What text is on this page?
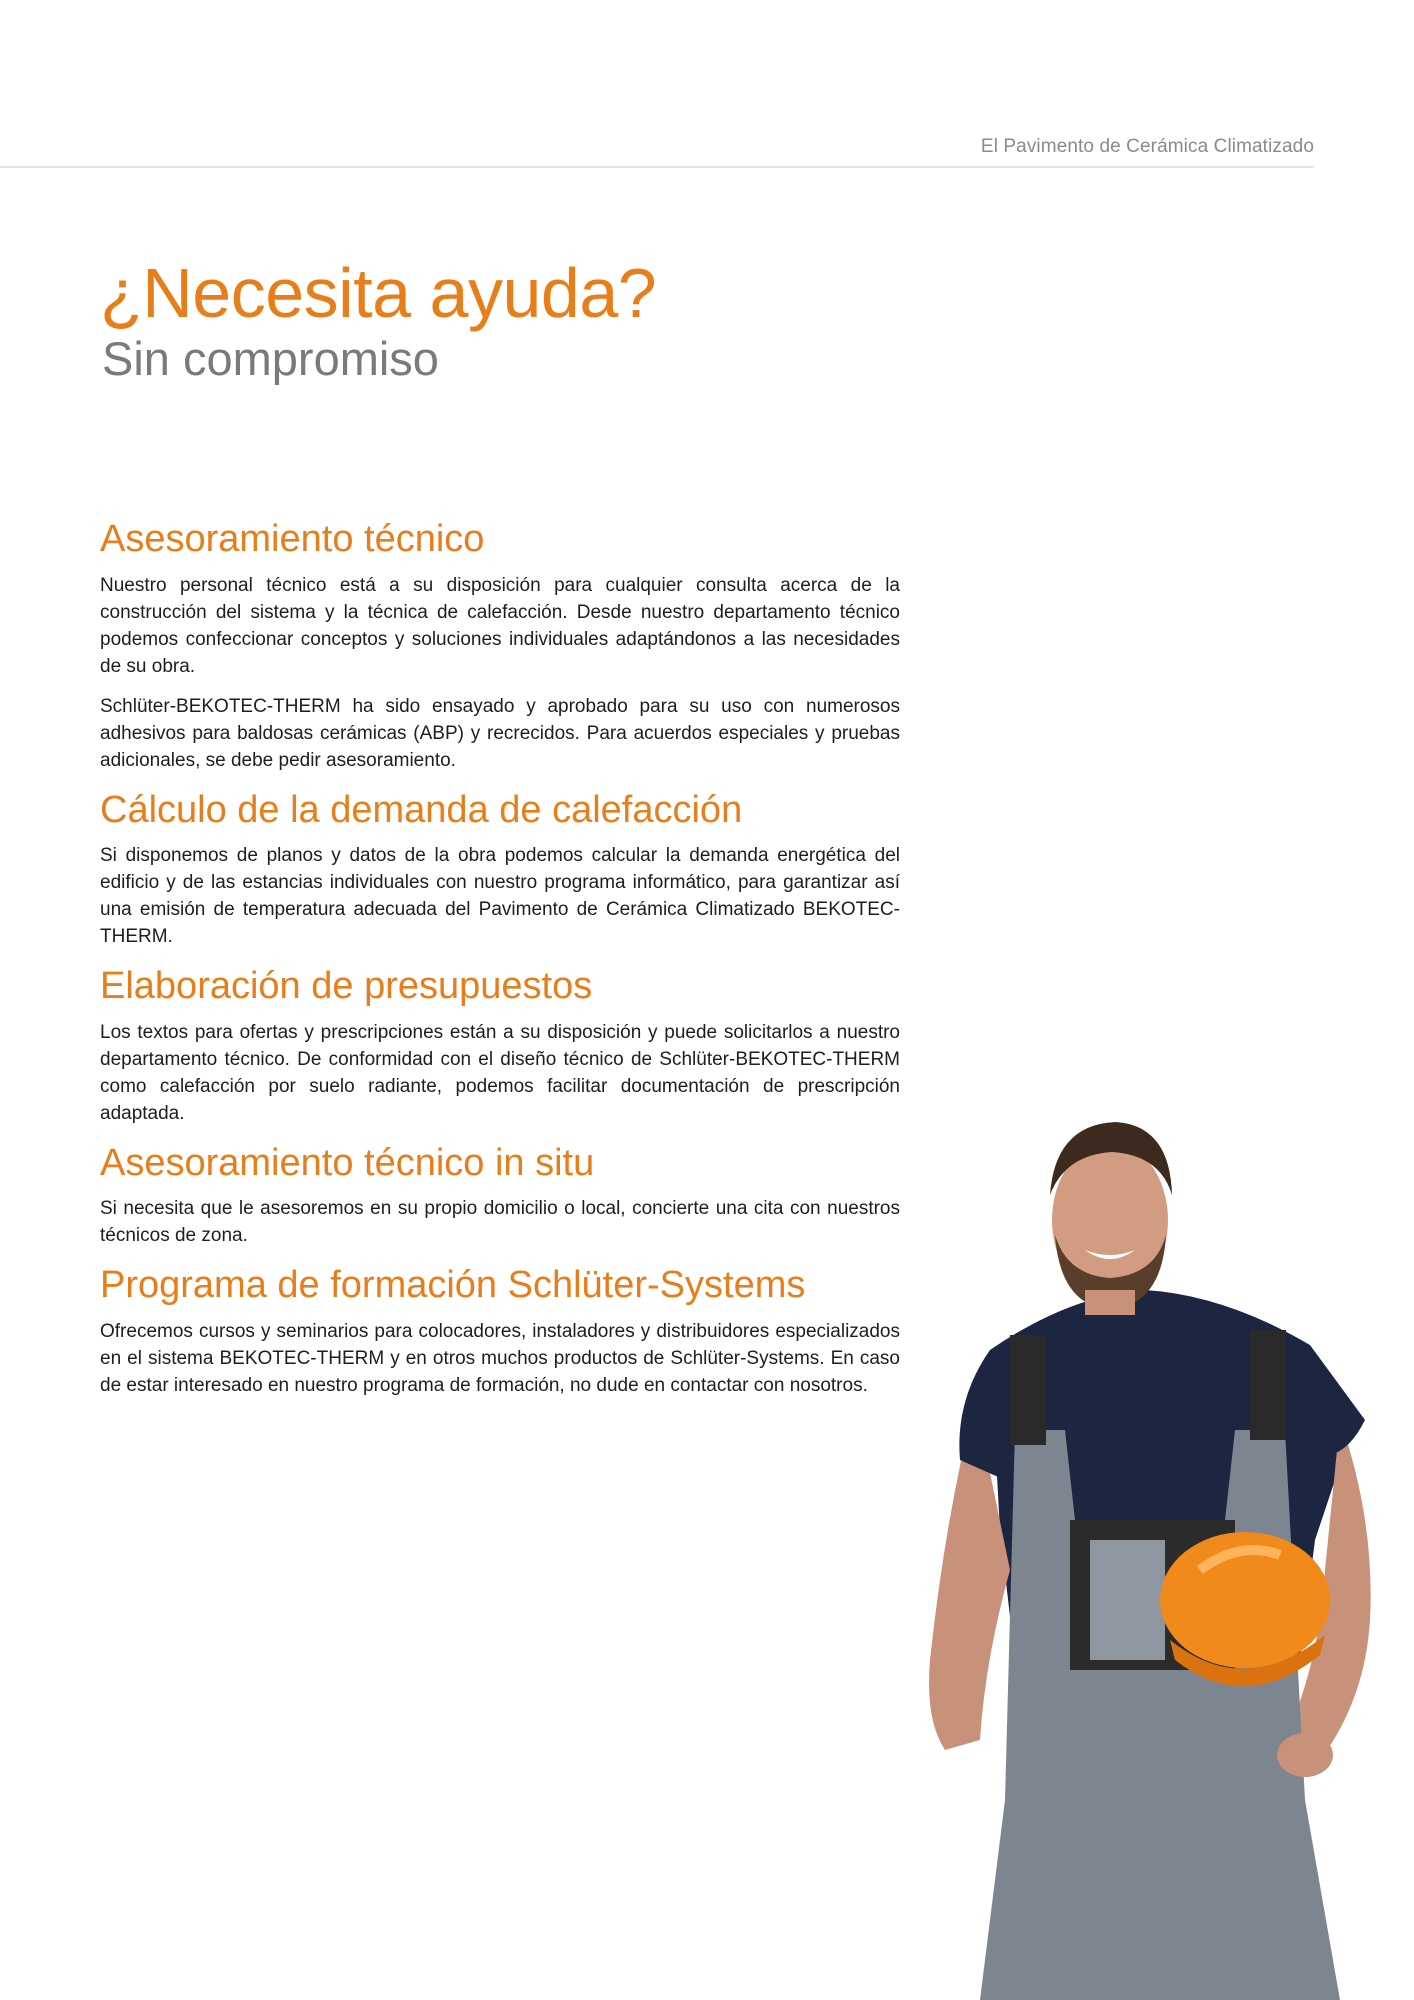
El Pavimento de Cerámica Climatizado
¿Necesita ayuda?
Sin compromiso
Asesoramiento técnico

Nuestro personal técnico está a su disposición para cualquier consulta acerca de la construcción del sistema y la técnica de calefacción. Desde nuestro departamento técnico podemos confeccionar conceptos y soluciones individuales adaptándonos a las necesidades de su obra.

Schlüter-BEKOTEC-THERM ha sido ensayado y aprobado para su uso con numerosos adhesivos para baldosas cerámicas (ABP) y recrecidos. Para acuerdos especiales y pruebas adicionales, se debe pedir asesoramiento.

Cálculo de la demanda de calefacción

Si disponemos de planos y datos de la obra podemos calcular la demanda energética del edificio y de las estancias individuales con nuestro programa informático, para garantizar así una emisión de temperatura adecuada del Pavimento de Cerámica Climatizado BEKOTEC-THERM.

Elaboración de presupuestos

Los textos para ofertas y prescripciones están a su disposición y puede solicitarlos a nuestro departamento técnico. De conformidad con el diseño técnico de Schlüter-BEKOTEC-THERM como calefacción por suelo radiante, podemos facilitar documentación de prescripción adaptada.

Asesoramiento técnico in situ

Si necesita que le asesoremos en su propio domicilio o local, concierte una cita con nuestros técnicos de zona.

Programa de formación Schlüter-Systems

Ofrecemos cursos y seminarios para colocadores, instaladores y distribuidores especializados en el sistema BEKOTEC-THERM y en otros muchos productos de Schlüter-Systems. En caso de estar interesado en nuestro programa de formación, no dude en contactar con nosotros.
